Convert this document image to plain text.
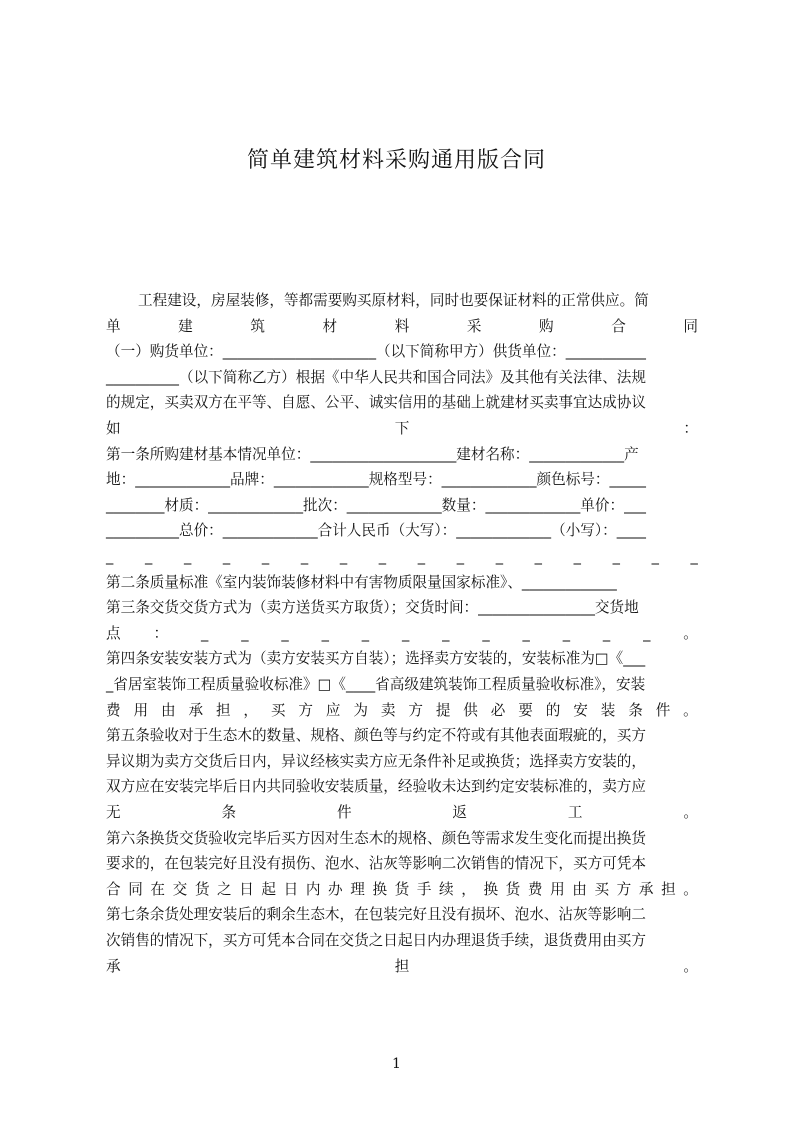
简单建筑材料采购通用版合同
工程建设，房屋装修，等都需要购买原材料，同时也要保证材料的正常供应。简
单	建	筑	材	料	采	购	合	同
（一）购货单位：_____________________（以下简称甲方）供货单位：___________
__________（以下简称乙方）根据《中华人民共和国合同法》及其他有关法律、法规
的规定，买卖双方在平等、自愿、公平、诚实信用的基础上就建材买卖事宜达成协议
如	下	：
第一条所购建材基本情况单位：____________________建材名称：_____________产
地：_____________品牌：_____________规格型号：_____________颜色标号：_____
________材质：_____________批次：_____________数量：_____________单价：___
__________总价：_____________合计人民币（大写）：_____________（小写）：____
_ _ _ _ _ _ _ _ _ _ _ _ _ _ _ _
第二条质量标准《室内装饰装修材料中有害物质限量国家标准》、_____________
第三条交货交货方式为（卖方送货买方取货）；交货时间：________________交货地
点 ： _ _ _ _ _ _ _ _ _ _ _ _ 。
第四条安装安装方式为（卖方安装买方自装）；选择卖方安装的，安装标准为□《___
_省居室装饰工程质量验收标准》□《____省高级建筑装饰工程质量验收标准》，安装
费 用 由 承 担 ， 买 方 应 为 卖 方 提 供 必 要 的 安 装 条 件 。
第五条验收对于生态木的数量、规格、颜色等与约定不符或有其他表面瑕疵的，买方
异议期为卖方交货后日内，异议经核实卖方应无条件补足或换货；选择卖方安装的，
双方应在安装完毕后日内共同验收安装质量，经验收未达到约定安装标准的，卖方应
无	条	件	返	工	。
第六条换货交货验收完毕后买方因对生态木的规格、颜色等需求发生变化而提出换货
要求的，在包装完好且没有损伤、泡水、沾灰等影响二次销售的情况下，买方可凭本
合 同 在 交 货 之 日 起 日 内 办 理 换 货 手 续 ， 换 货 费 用 由 买 方 承 担 。
第七条余货处理安装后的剩余生态木，在包装完好且没有损坏、泡水、沾灰等影响二
次销售的情况下，买方可凭本合同在交货之日起日内办理退货手续，退货费用由买方
承	担	。
1
